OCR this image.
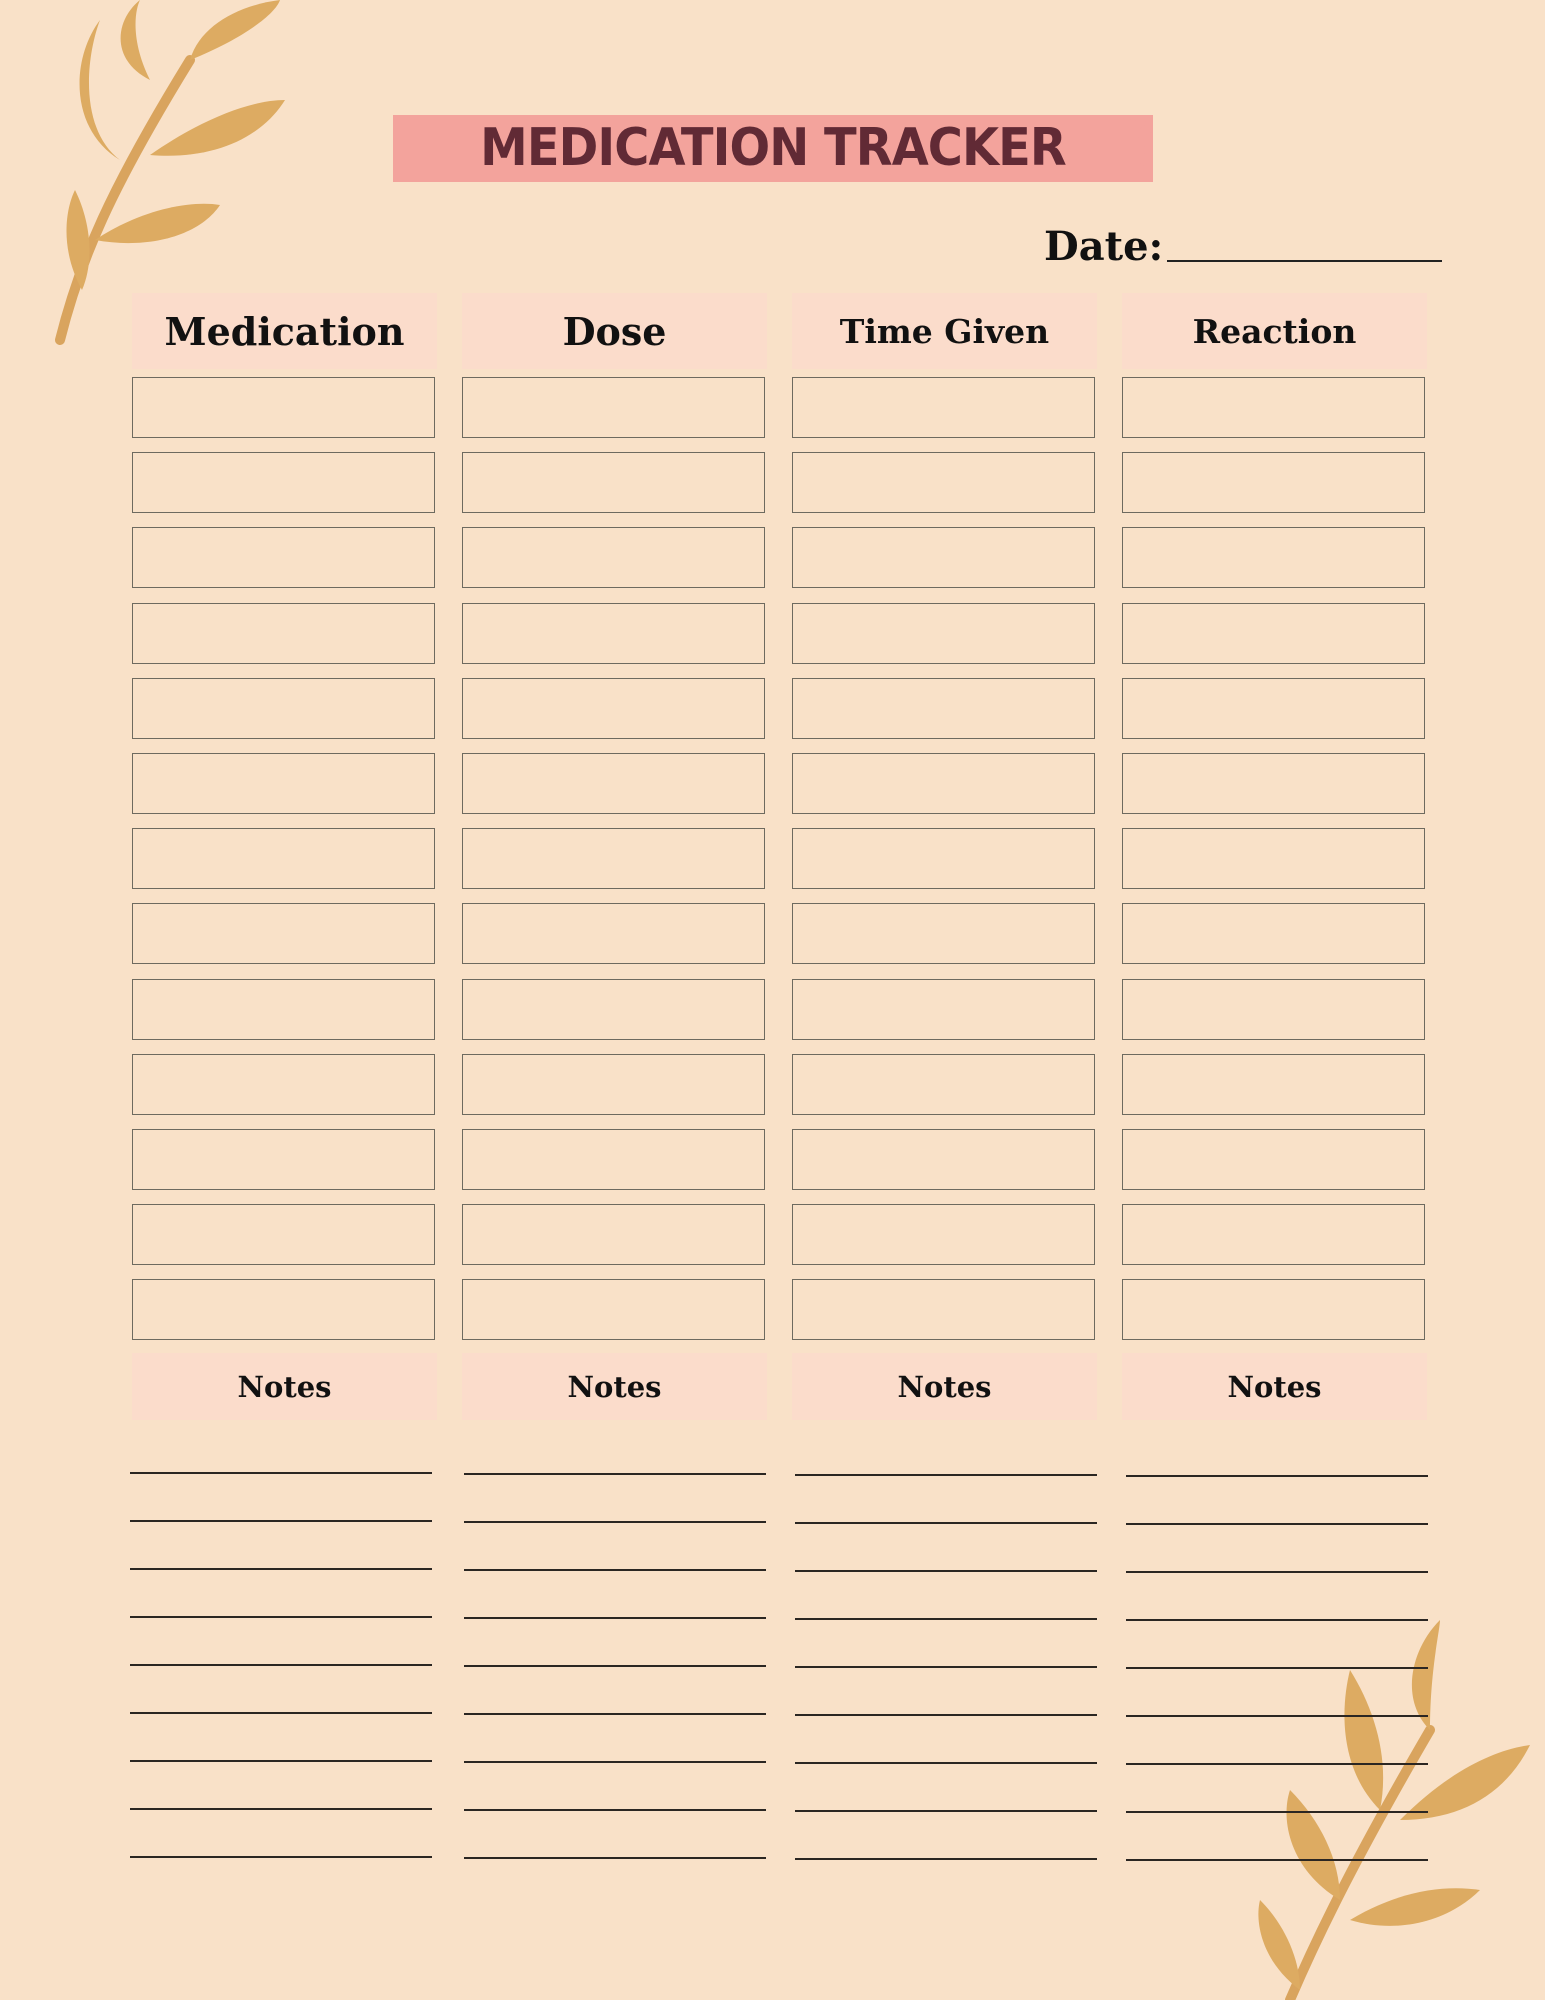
MEDICATION TRACKER
Date:
Medication	Dose	Time Given	Reaction
Notes	Notes	Notes	Notes
